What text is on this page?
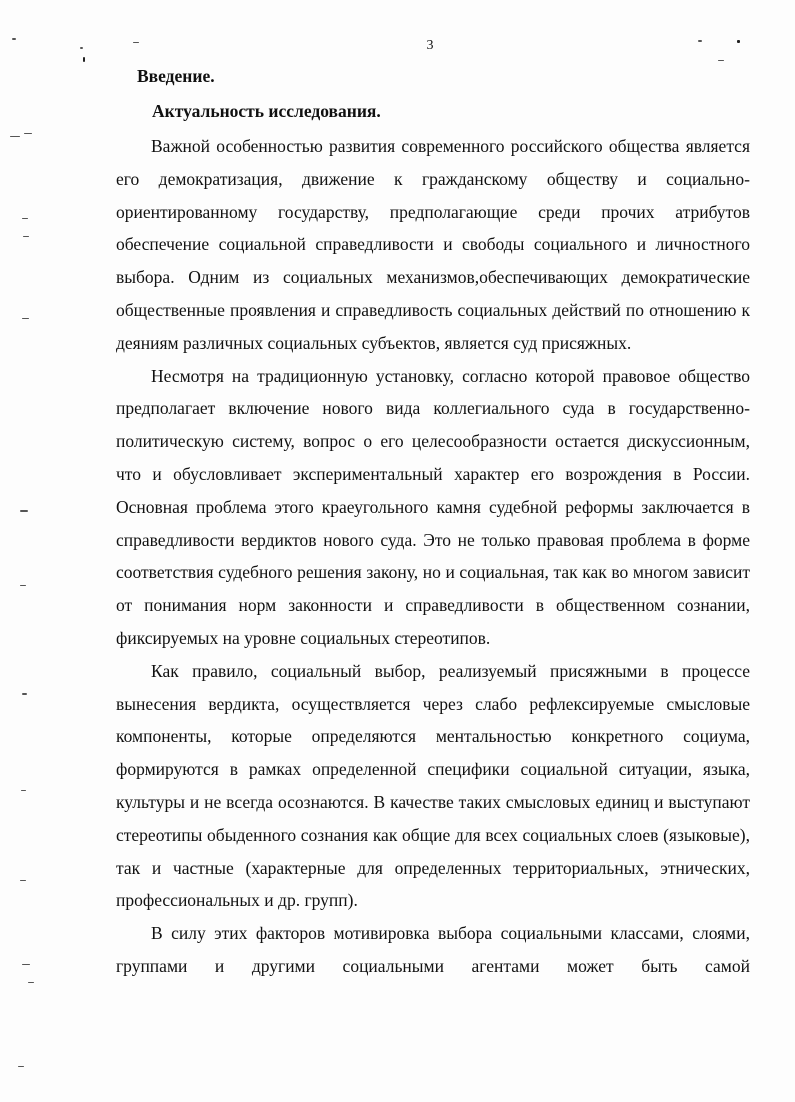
3
Введение.
Актуальность исследования.

Важной особенностью развития современного российского общества является его демократизация, движение к гражданскому обществу и социально-ориентированному государству, предполагающие среди прочих атрибутов обеспечение социальной справедливости и свободы социального и личностного выбора. Одним из социальных механизмов,обеспечивающих демократические общественные проявления и справедливость социальных действий по отношению к деяниям различных социальных субъектов, является суд присяжных.

Несмотря на традиционную установку, согласно которой правовое общество предполагает включение нового вида коллегиального суда в государственно-политическую систему, вопрос о его целесообразности остается дискуссионным, что и обусловливает экспериментальный характер его возрождения в России. Основная проблема этого краеугольного камня судебной реформы заключается в справедливости вердиктов нового суда. Это не только правовая проблема в форме соответствия судебного решения закону, но и социальная, так как во многом зависит от понимания норм законности и справедливости в общественном сознании, фиксируемых на уровне социальных стереотипов.

Как правило, социальный выбор, реализуемый присяжными в процессе вынесения вердикта, осуществляется через слабо рефлексируемые смысловые компоненты, которые определяются ментальностью конкретного социума, формируются в рамках определенной специфики социальной ситуации, языка, культуры и не всегда осознаются. В качестве таких смысловых единиц и выступают стереотипы обыденного сознания как общие для всех социальных слоев (языковые), так и частные (характерные для определенных территориальных, этнических, профессиональных и др. групп).

В силу этих факторов мотивировка выбора социальными классами, слоями, группами и другими социальными агентами может быть самой
